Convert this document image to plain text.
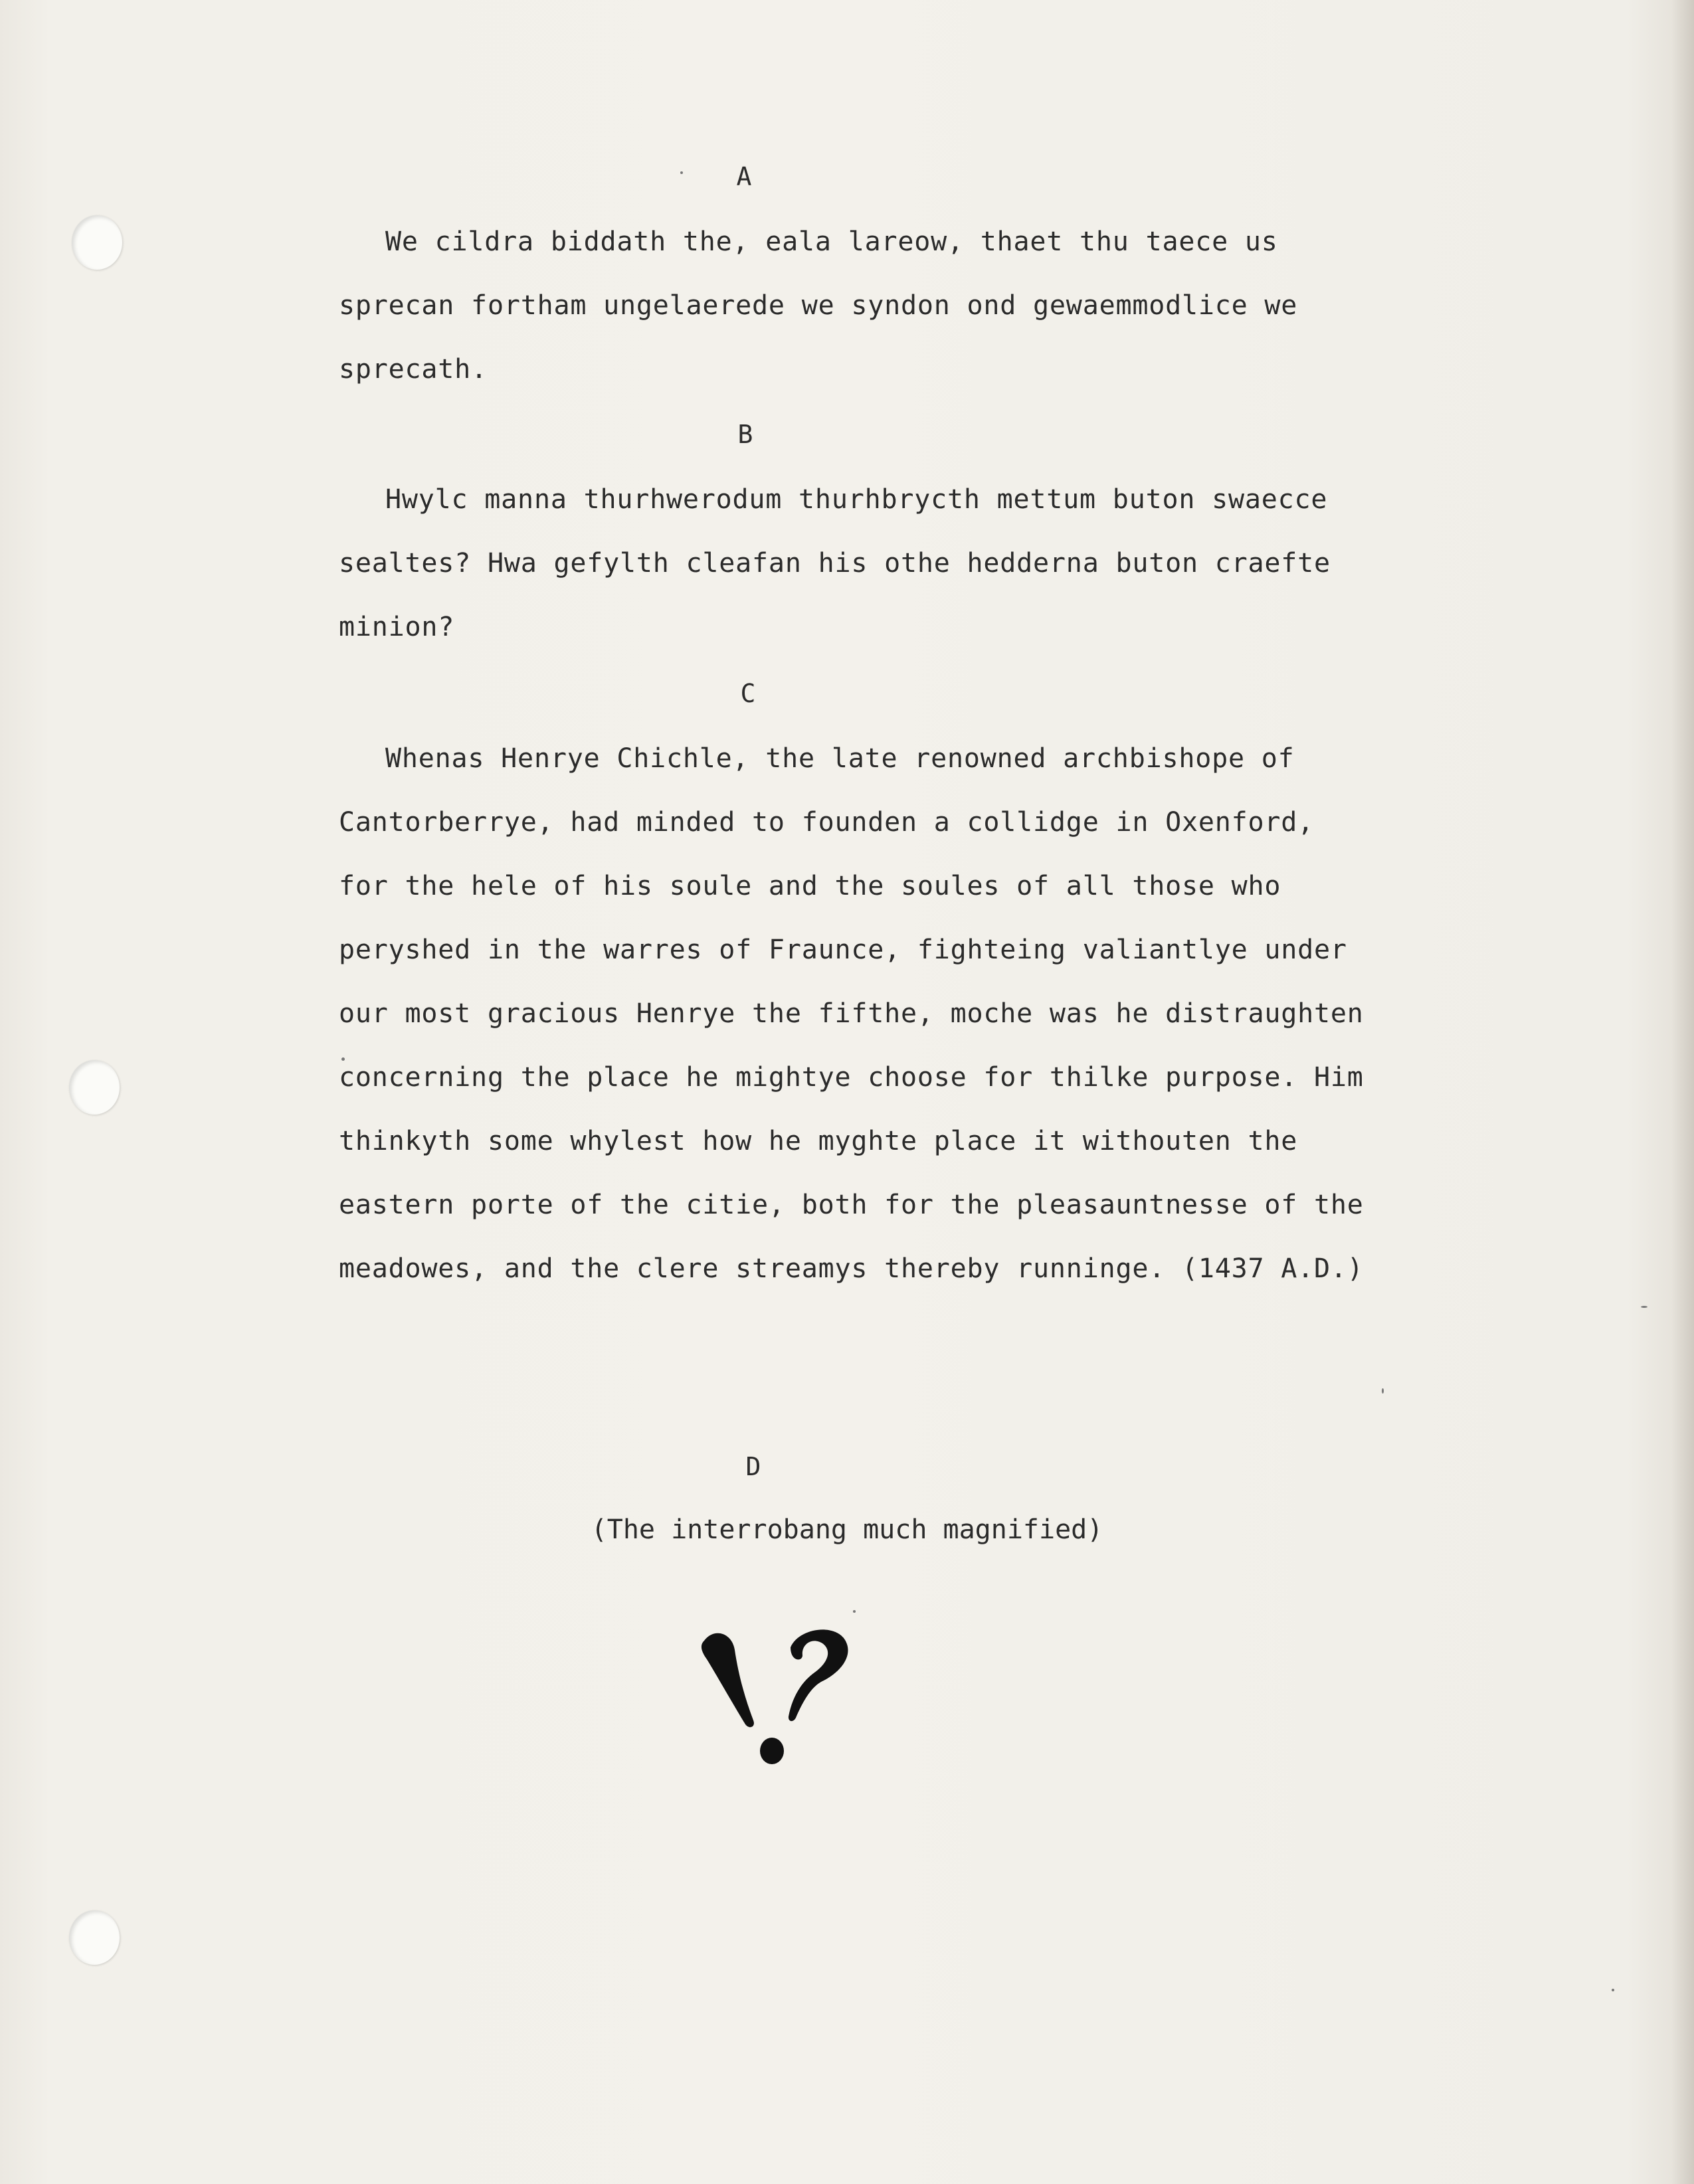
A

We cildra biddath the, eala lareow, thaet thu taece us sprecan fortham ungelaerede we syndon ond gewaemmodlice we sprecath.

B

Hwylc manna thurhwerodum thurhbrycth mettum buton swaecce sealtes? Hwa gefylth cleafan his othe hedderna buton craefte minion?

C

Whenas Henrye Chichle, the late renowned archbishope of Cantorberrye, had minded to founden a collidge in Oxenford, for the hele of his soule and the soules of all those who peryshed in the warres of Fraunce, fighteing valiantlye under our most gracious Henrye the fifthe, moche was he distraughten concerning the place he mightye choose for thilke purpose. Him thinkyth some whylest how he myghte place it withouten the eastern porte of the citie, both for the pleasauntnesse of the meadowes, and the clere streamys thereby runninge. (1437 A.D.)

D

(The interrobang much magnified)
